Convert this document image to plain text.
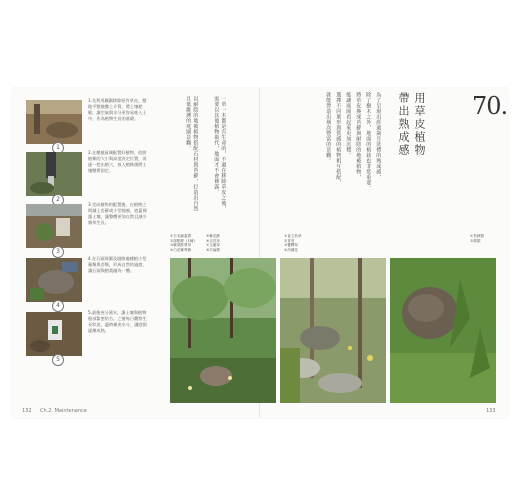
1
1.先利用鐵鍬移除原有草皮，整地平整後撒上介質，將土壤耙鬆，讓空氣與水分更容易進入土中，作為植物生長的基礎。
2
2.在種植區域配置好植物，依照植株的大小與高度決定位置，再逐一挖出植穴，放入植株後將土壤壓實固定。
3
3.完成植物的配置後，在植物之間鋪上苔蘚或小型地被，遮蓋裸露土壤，讓整體更加自然且減少雜草生長。
4
4.在石頭周圍及縫隙處種植小型蕨類與苔類，形成自然的過渡，讓石頭與植栽融為一體。
5
5.最後充分澆水，讓土壤與植物根部緊密結合。之後每日觀察生長狀況，適時補充水分，讓庭園逐漸成熟。
一草一木都是有生命的，不過在移除草皮之後，需要以其他植物取代，地面才不會裸露。
以耐陰的地被植物搭配石材與苔蘚，打造出自然且低維護的庭園景觀。
132 Ch.2. Maintenance
70.
用草皮植物
帶出熟成感
為了呈現出經過歲月洗禮的熟成感，
除了樹木之外，地面的植栽也非常重要。
將草皮換成苔蘚與耐陰的地被植物，
能讓庭園看起來更加沉穩。
選擇不同葉形與質感的植物相互搭配，
就能營造出層次豐富的景觀。
①日本蹄蓋蕨
②斑點蕨（1種）
③紫葉酢漿草
④白花紫萼蘚
⑤紫花蘚
⑥吉祥草
⑦玉龍草
⑧羊齒蕨
①直立苔草
②青苔
③寶鐸草
④吊鐘花
①苔蘚類
②蕨類
133
